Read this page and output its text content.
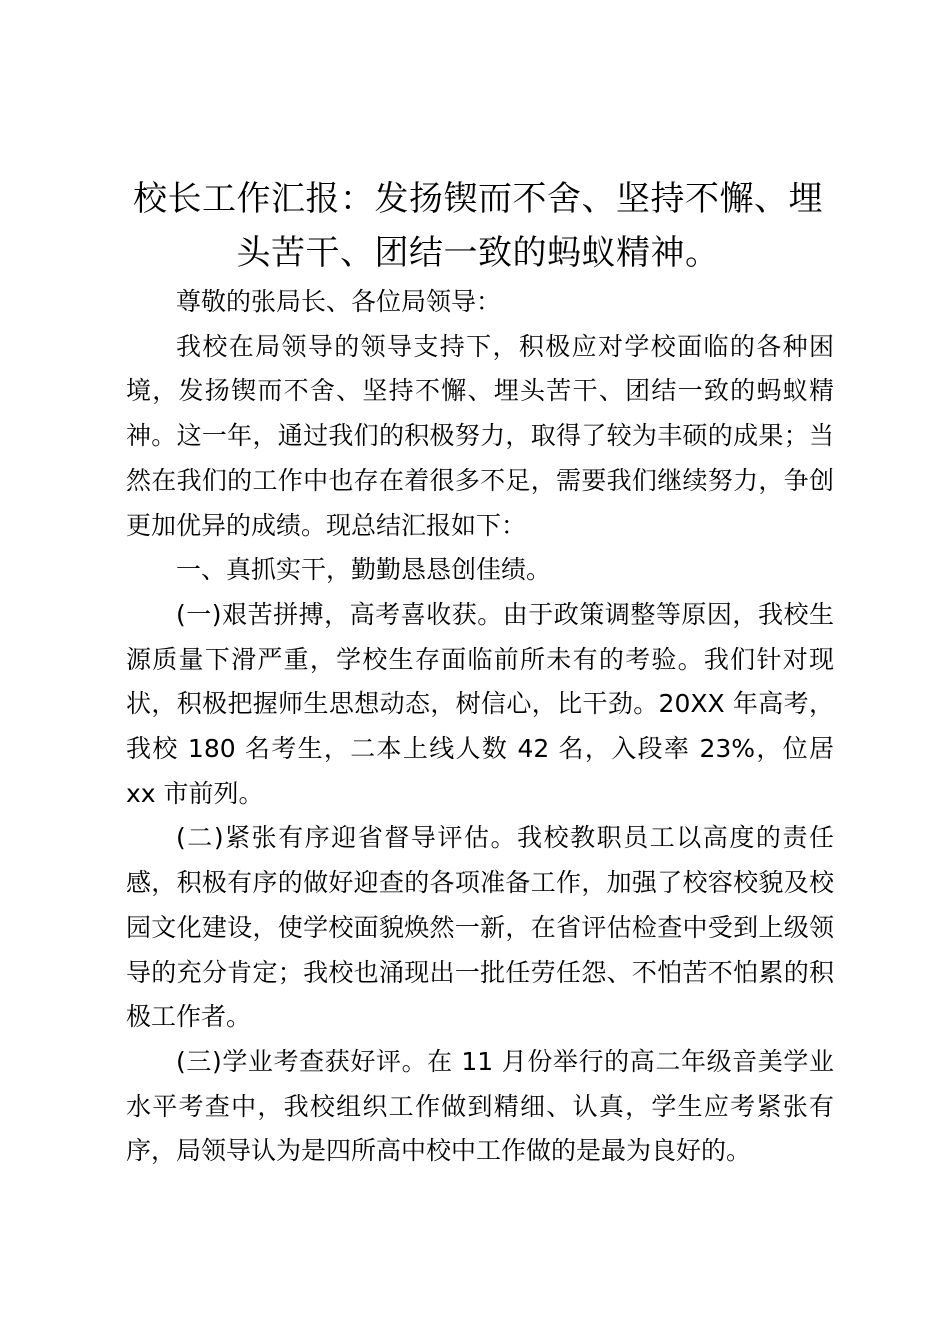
校长工作汇报：发扬锲而不舍、坚持不懈、埋头苦干、团结一致的蚂蚁精神。

尊敬的张局长、各位局领导：

我校在局领导的领导支持下，积极应对学校面临的各种困境，发扬锲而不舍、坚持不懈、埋头苦干、团结一致的蚂蚁精神。这一年，通过我们的积极努力，取得了较为丰硕的成果；当然在我们的工作中也存在着很多不足，需要我们继续努力，争创更加优异的成绩。现总结汇报如下：

一、真抓实干，勤勤恳恳创佳绩。

(一)艰苦拼搏，高考喜收获。由于政策调整等原因，我校生源质量下滑严重，学校生存面临前所未有的考验。我们针对现状，积极把握师生思想动态，树信心，比干劲。20XX 年高考，我校 180 名考生，二本上线人数 42 名，入段率 23%，位居 xx 市前列。

(二)紧张有序迎省督导评估。我校教职员工以高度的责任感，积极有序的做好迎查的各项准备工作，加强了校容校貌及校园文化建设，使学校面貌焕然一新，在省评估检查中受到上级领导的充分肯定；我校也涌现出一批任劳任怨、不怕苦不怕累的积极工作者。

(三)学业考查获好评。在 11 月份举行的高二年级音美学业水平考查中，我校组织工作做到精细、认真，学生应考紧张有序，局领导认为是四所高中校中工作做的是最为良好的。
